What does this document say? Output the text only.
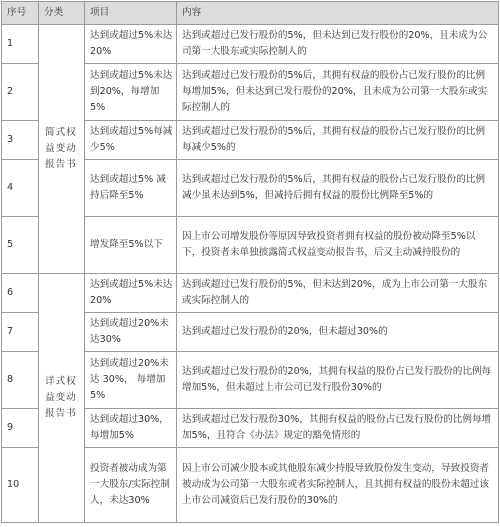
序号	分类	项目	内容
1	简式权益变动报告书	达到或超过5%未达20%	达到或超过已发行股份的5%，但未达到已发行股份的20%，且未成为公司第一大股东或实际控制人的
2		达到或超过5%未达到20%，每增加5%	达到或超过已发行股份的5%后，其拥有权益的股份占已发行股份的比例每增加5%，但未达到已发行股份的20%，且未成为公司第一大股东或实际控制人的
3		达到或超过5%每减少5%	达到或超过已发行股份的5%后，其拥有权益的股份占已发行股份的比例每减少5%的
4		达到或超过5% 减持后降至5%	达到或超过已发行股份的5%后，其拥有权益的股份占已发行股份的比例减少虽未达到5%，但减持后拥有权益的股份比例降至5%的
5		增发降至5%以下	因上市公司增发股份等原因导致投资者拥有权益的股份被动降至5%以下，投资者未单独披露简式权益变动报告书，后又主动减持股份的
6	详式权益变动报告书	达到或超过5%未达20%	达到或超过已发行股份的5%，但未达到20%，成为上市公司第一大股东或实际控制人的
7		达到或超过20%未达30%	达到或超过已发行股份的20%，但未超过30%的
8		达到或超过20%未达 30%， 每增加5%	达到或超过已发行股份的20%，其拥有权益的股份占已发行股份的比例每增加5%，但未超过上市公司已发行股份30%的
9		达到或超过30%，每增加5%	达到或超过已发行股份30%，其拥有权益的股份占已发行股份的比例每增加5%，且符合《办法》规定的豁免情形的
10		投资者被动成为第一大股东/实际控制人，未达30%	因上市公司减少股本或其他股东减少持股导致股份发生变动，导致投资者被动成为公司第一大股东或者实际控制人，且其拥有权益的股份未超过该上市公司减资后已发行股份的30%的
